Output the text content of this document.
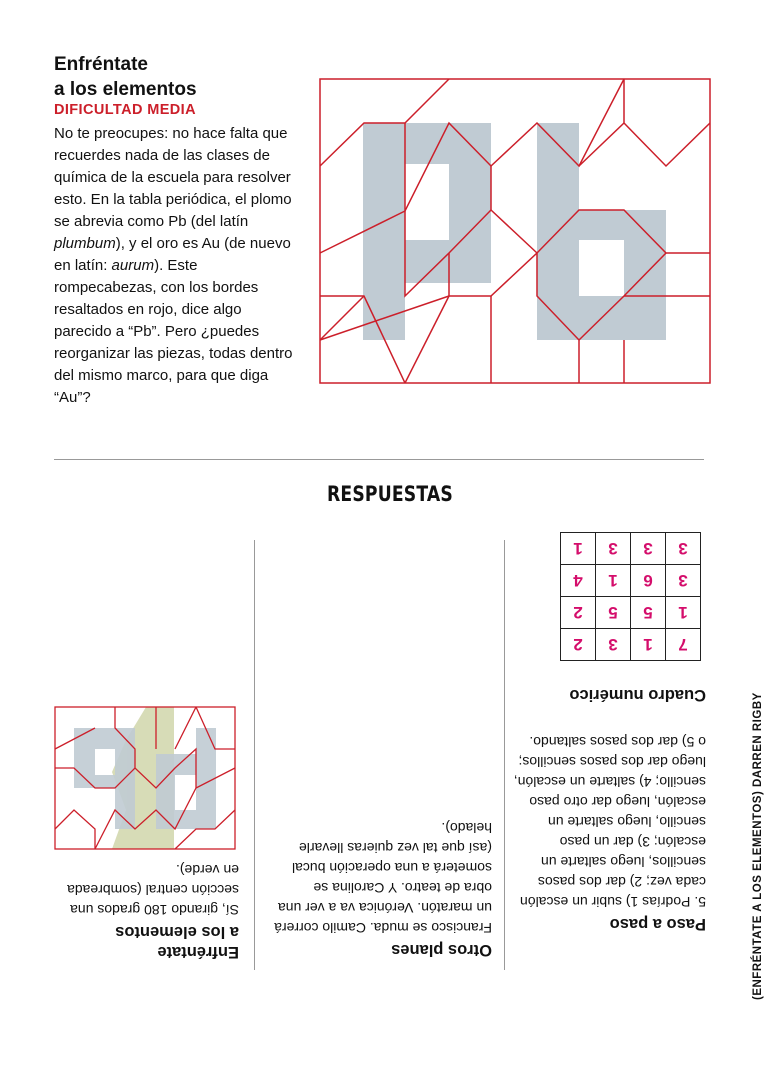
Enfréntate
a los elementos
DIFICULTAD MEDIA
No te preocupes: no hace falta que recuerdes nada de las clases de química de la escuela para resolver esto. En la tabla periódica, el plomo se abrevia como Pb (del latín plumbum), y el oro es Au (de nuevo en latín: aurum). Este rompecabezas, con los bordes resaltados en rojo, dice algo parecido a “Pb”. Pero ¿puedes reorganizar las piezas, todas dentro del mismo marco, para que diga “Au”?
RESPUESTAS
Enfréntate
a los elementos
Sí, girando 180 grados una sección central (sombreada en verde).
Otros planes
Francisco se muda. Camilo correrá un maratón. Verónica va a ver una obra de teatro. Y Carolina se someterá a una operación bucal (así que tal vez quieras llevarle helado).
Paso a paso
5. Podrías 1) subir un escalón cada vez; 2) dar dos pasos sencillos, luego saltarte un escalón; 3) dar un paso sencillo, luego saltarte un escalón, luego dar otro paso sencillo; 4) saltarte un escalón, luego dar dos pasos sencillos; o 5) dar dos pasos saltando.
Cuadro numérico
7	1	3	2
1	5	5	2
3	6	1	4
3	3	3	1
(ENFRÉNTATE A LOS ELEMENTOS) DARREN RIGBY
